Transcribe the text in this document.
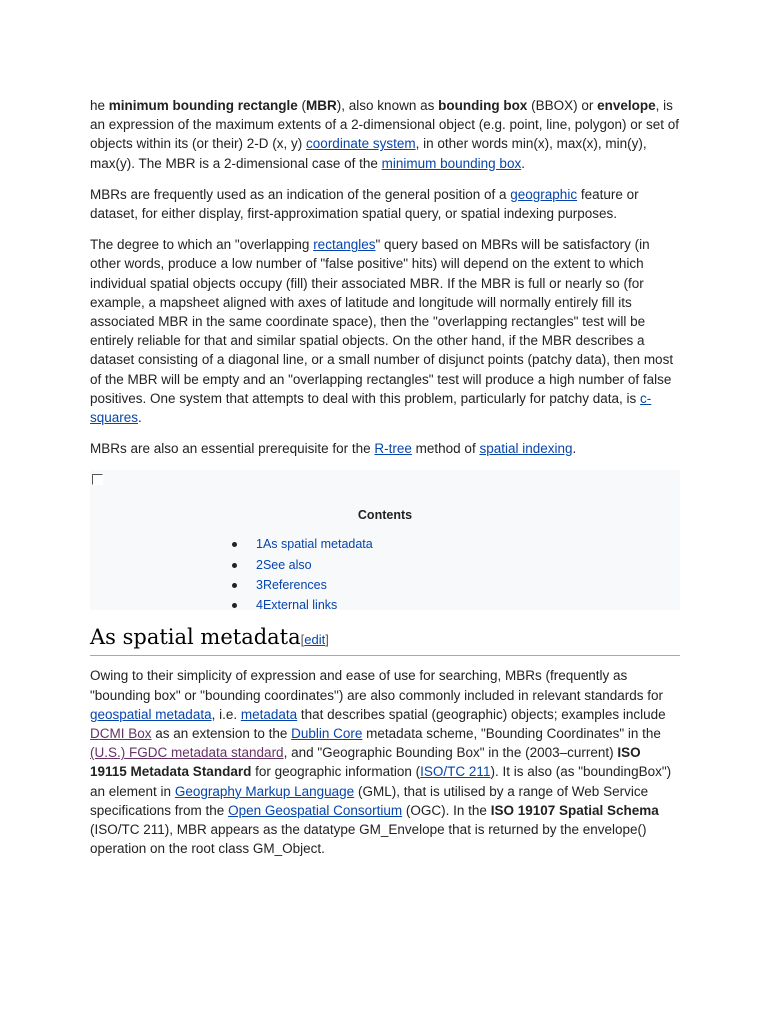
he minimum bounding rectangle (MBR), also known as bounding box (BBOX) or envelope, is an expression of the maximum extents of a 2-dimensional object (e.g. point, line, polygon) or set of objects within its (or their) 2-D (x, y) coordinate system, in other words min(x), max(x), min(y), max(y). The MBR is a 2-dimensional case of the minimum bounding box.

MBRs are frequently used as an indication of the general position of a geographic feature or dataset, for either display, first-approximation spatial query, or spatial indexing purposes.

The degree to which an "overlapping rectangles" query based on MBRs will be satisfactory (in other words, produce a low number of "false positive" hits) will depend on the extent to which individual spatial objects occupy (fill) their associated MBR. If the MBR is full or nearly so (for example, a mapsheet aligned with axes of latitude and longitude will normally entirely fill its associated MBR in the same coordinate space), then the "overlapping rectangles" test will be entirely reliable for that and similar spatial objects. On the other hand, if the MBR describes a dataset consisting of a diagonal line, or a small number of disjunct points (patchy data), then most of the MBR will be empty and an "overlapping rectangles" test will produce a high number of false positives. One system that attempts to deal with this problem, particularly for patchy data, is c-squares.

MBRs are also an essential prerequisite for the R-tree method of spatial indexing.

Contents
1As spatial metadata
2See also
3References
4External links
As spatial metadata[edit]

Owing to their simplicity of expression and ease of use for searching, MBRs (frequently as "bounding box" or "bounding coordinates") are also commonly included in relevant standards for geospatial metadata, i.e. metadata that describes spatial (geographic) objects; examples include DCMI Box as an extension to the Dublin Core metadata scheme, "Bounding Coordinates" in the (U.S.) FGDC metadata standard, and "Geographic Bounding Box" in the (2003–current) ISO 19115 Metadata Standard for geographic information (ISO/TC 211). It is also (as "boundingBox") an element in Geography Markup Language (GML), that is utilised by a range of Web Service specifications from the Open Geospatial Consortium (OGC). In the ISO 19107 Spatial Schema (ISO/TC 211), MBR appears as the datatype GM_Envelope that is returned by the envelope() operation on the root class GM_Object.
